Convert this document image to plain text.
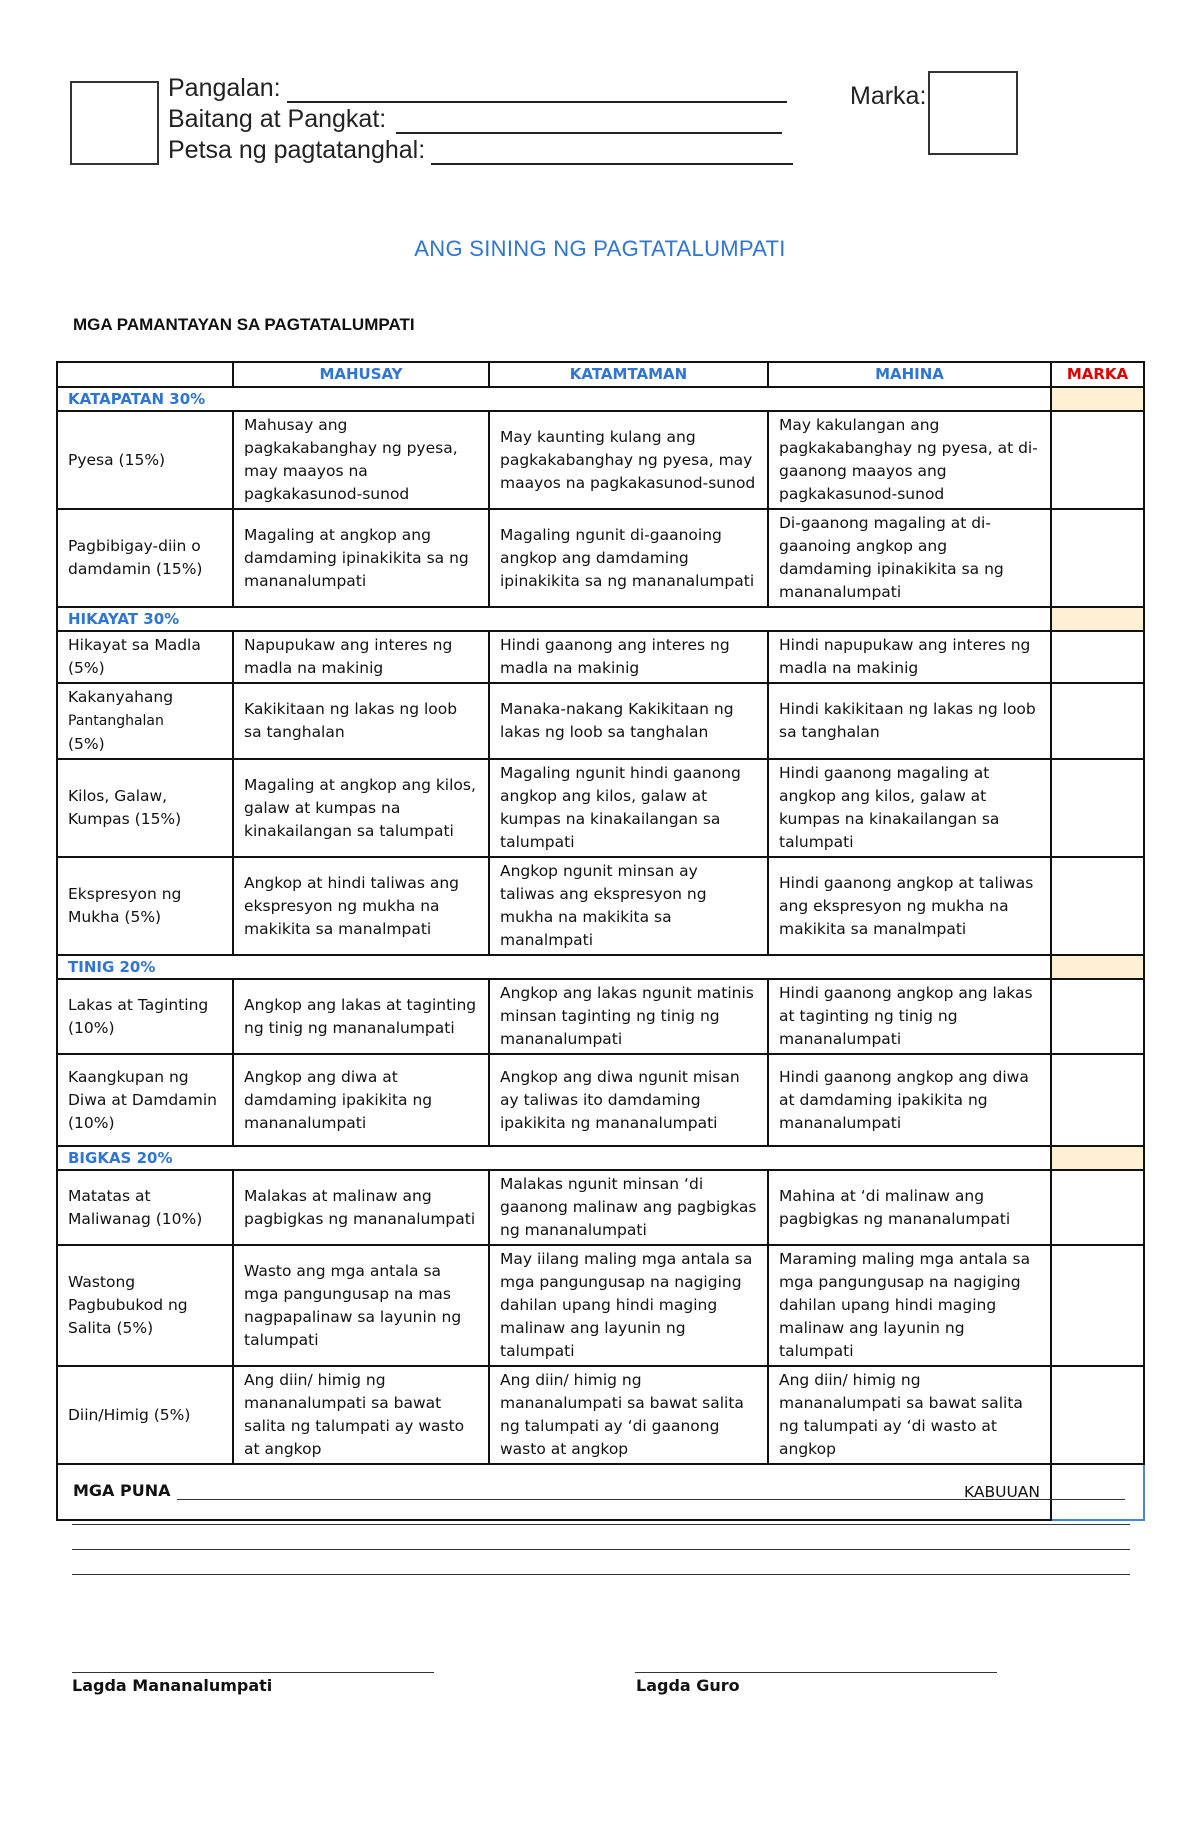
Pangalan:
Baitang at Pangkat:
Petsa ng pagtatanghal:
Marka:
ANG SINING NG PAGTATALUMPATI
MGA PAMANTAYAN SA PAGTATALUMPATI
	MAHUSAY	KATAMTAMAN	MAHINA	MARKA
KATAPATAN 30%				
Pyesa (15%)	Mahusay ang pagkakabanghay ng pyesa, may maayos na pagkakasunod-sunod	May kaunting kulang ang pagkakabanghay ng pyesa, may maayos na pagkakasunod-sunod	May kakulangan ang pagkakabanghay ng pyesa, at di-gaanong maayos ang pagkakasunod-sunod	
Pagbibigay-diin o damdamin (15%)	Magaling at angkop ang damdaming ipinakikita sa ng mananalumpati	Magaling ngunit di-gaanoing angkop ang damdaming ipinakikita sa ng mananalumpati	Di-gaanong magaling at di-gaanoing angkop ang damdaming ipinakikita sa ng mananalumpati	
HIKAYAT 30%				
Hikayat sa Madla (5%)	Napupukaw ang interes ng madla na makinig	Hindi gaanong ang interes ng madla na makinig	Hindi napupukaw ang interes ng madla na makinig	
Kakanyahang
Pantanghalan
(5%)	Kakikitaan ng lakas ng loob sa tanghalan	Manaka-nakang Kakikitaan ng lakas ng loob sa tanghalan	Hindi kakikitaan ng lakas ng loob sa tanghalan	
Kilos, Galaw, Kumpas (15%)	Magaling at angkop ang kilos, galaw at kumpas na kinakailangan sa talumpati	Magaling ngunit hindi gaanong angkop ang kilos, galaw at kumpas na kinakailangan sa talumpati	Hindi gaanong magaling at angkop ang kilos, galaw at kumpas na kinakailangan sa talumpati	
Ekspresyon ng Mukha (5%)	Angkop at hindi taliwas ang ekspresyon ng mukha na makikita sa manalmpati	Angkop ngunit minsan ay taliwas ang ekspresyon ng mukha na makikita sa manalmpati	Hindi gaanong angkop at taliwas ang ekspresyon ng mukha na makikita sa manalmpati	
TINIG 20%				
Lakas at Taginting (10%)	Angkop ang lakas at taginting ng tinig ng mananalumpati	Angkop ang lakas ngunit matinis minsan taginting ng tinig ng mananalumpati	Hindi gaanong angkop ang lakas at taginting ng tinig ng mananalumpati	
Kaangkupan ng Diwa at Damdamin (10%)	Angkop ang diwa at damdaming ipakikita ng mananalumpati	Angkop ang diwa ngunit misan ay taliwas ito damdaming ipakikita ng mananalumpati	Hindi gaanong angkop ang diwa at damdaming ipakikita ng mananalumpati	
BIGKAS 20%				
Matatas at Maliwanag (10%)	Malakas at malinaw ang pagbigkas ng mananalumpati	Malakas ngunit minsan ‘di gaanong malinaw ang pagbigkas ng mananalumpati	Mahina at ‘di malinaw ang pagbigkas ng mananalumpati	
Wastong Pagbubukod ng Salita (5%)	Wasto ang mga antala sa mga pangungusap na mas nagpapalinaw sa layunin ng talumpati	May iilang maling mga antala sa mga pangungusap na nagiging dahilan upang hindi maging malinaw ang layunin ng talumpati	Maraming maling mga antala sa mga pangungusap na nagiging dahilan upang hindi maging malinaw ang layunin ng talumpati	
Diin/Himig (5%)	Ang diin/ himig ng mananalumpati sa bawat salita ng talumpati ay wasto at angkop	Ang diin/ himig ng mananalumpati sa bawat salita ng talumpati ay ‘di gaanong wasto at angkop	Ang diin/ himig ng mananalumpati sa bawat salita ng talumpati ay ‘di wasto at angkop	
KABUUAN				
MGA PUNA
Lagda Mananalumpati	Lagda Guro
